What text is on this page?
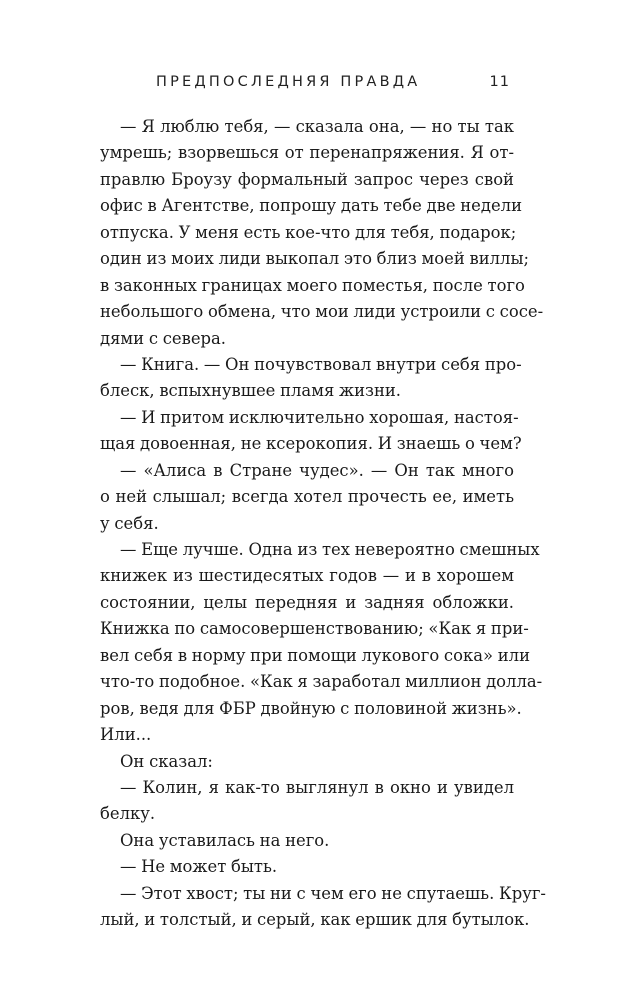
ПРЕДПОСЛЕДНЯЯ ПРАВДА	11
— Я люблю тебя, — сказала она, — но ты так
умрешь; взорвешься от перенапряжения. Я от-
правлю Броузу формальный запрос через свой
офис в Агентстве, попрошу дать тебе две недели
отпуска. У меня есть кое-что для тебя, подарок;
один из моих лиди выкопал это близ моей виллы;
в законных границах моего поместья, после того
небольшого обмена, что мои лиди устроили с сосе-
дями с севера.
— Книга. — Он почувствовал внутри себя про-
блеск, вспыхнувшее пламя жизни.
— И притом исключительно хорошая, настоя-
щая довоенная, не ксерокопия. И знаешь о чем?
— «Алиса в Стране чудес». — Он так много
о ней слышал; всегда хотел прочесть ее, иметь
у себя.
— Еще лучше. Одна из тех невероятно смешных
книжек из шестидесятых годов — и в хорошем
состоянии, целы передняя и задняя обложки.
Книжка по самосовершенствованию; «Как я при-
вел себя в норму при помощи лукового сока» или
что-то подобное. «Как я заработал миллион долла-
ров, ведя для ФБР двойную с половиной жизнь».
Или...
Он сказал:
— Колин, я как-то выглянул в окно и увидел
белку.
Она уставилась на него.
— Не может быть.
— Этот хвост; ты ни с чем его не спутаешь. Круг-
лый, и толстый, и серый, как ершик для бутылок.
